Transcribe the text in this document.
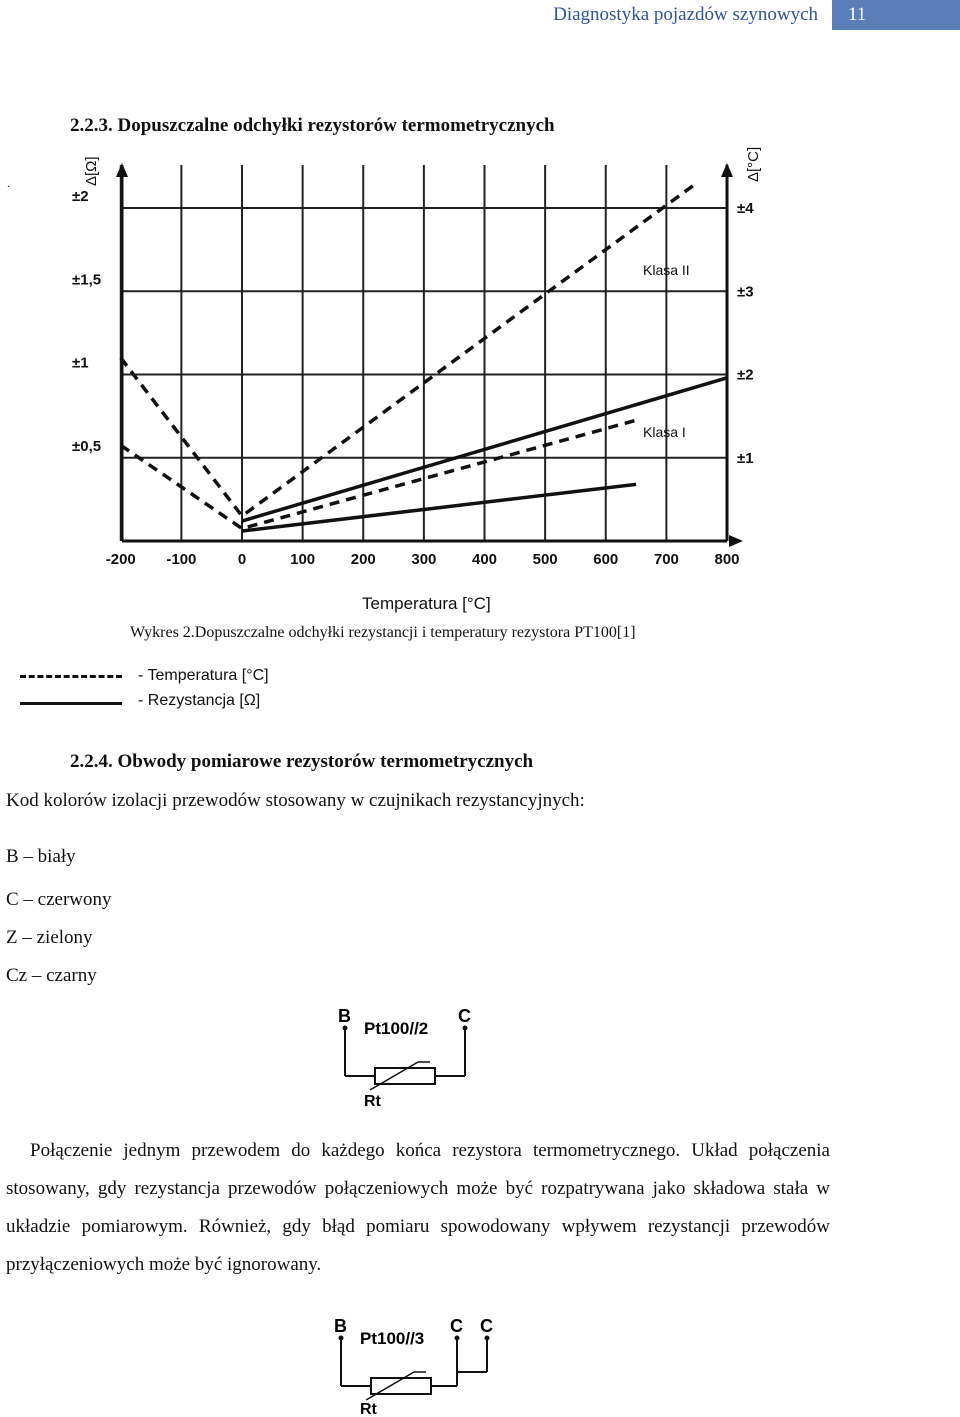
Diagnostyka pojazdów szynowych	11
2.2.3. Dopuszczalne odchyłki rezystorów termometrycznych
.
-200 -100	0	100 200 300 400 500 600 700 800
±0,5
±1
±1,5
±2
±1
±2
±3
±4
Δ[Ω]	Δ[°C]
Klasa II
Klasa I
Temperatura [°C]
Wykres 2.Dopuszczalne odchyłki rezystancji i temperatury rezystora PT100[1]
- Temperatura [°C]
- Rezystancja [Ω]
2.2.4. Obwody pomiarowe rezystorów termometrycznych
Kod kolorów izolacji przewodów stosowany w czujnikach rezystancyjnych:
B – biały
C – czerwony
Z – zielony
Cz – czarny
B	C
Pt100//2
Rt
Połączenie jednym przewodem do każdego końca rezystora termometrycznego. Układ połączenia stosowany, gdy rezystancja przewodów połączeniowych może być rozpatrywana jako składowa stała w układzie pomiarowym. Również, gdy błąd pomiaru spowodowany wpływem rezystancji przewodów przyłączeniowych może być ignorowany.
B	C C
Pt100//3
Rt
